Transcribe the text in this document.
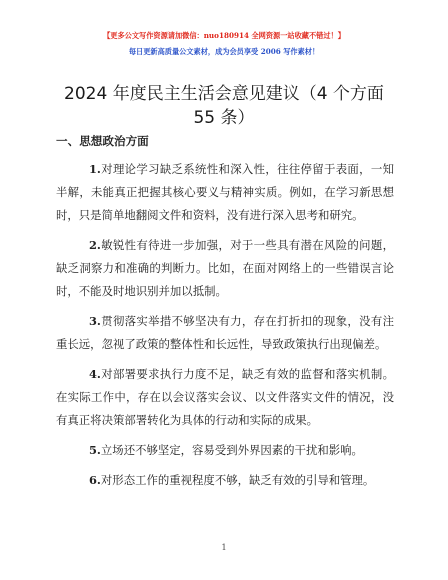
【更多公文写作资源请加微信：nuo180914 全网资源一站收藏不错过！】
每日更新高质量公文素材，成为会员享受 2006 写作素材！
2024 年度民主生活会意见建议（4 个方面 55 条）

一、思想政治方面

1.对理论学习缺乏系统性和深入性，往往停留于表面，一知半解，未能真正把握其核心要义与精神实质。例如，在学习新思想时，只是简单地翻阅文件和资料，没有进行深入思考和研究。

2.敏锐性有待进一步加强，对于一些具有潜在风险的问题，缺乏洞察力和准确的判断力。比如，在面对网络上的一些错误言论时，不能及时地识别并加以抵制。

3.贯彻落实举措不够坚决有力，存在打折扣的现象，没有注重长远，忽视了政策的整体性和长远性，导致政策执行出现偏差。

4.对部署要求执行力度不足，缺乏有效的监督和落实机制。在实际工作中，存在以会议落实会议、以文件落实文件的情况，没有真正将决策部署转化为具体的行动和实际的成果。

5.立场还不够坚定，容易受到外界因素的干扰和影响。

6.对形态工作的重视程度不够，缺乏有效的引导和管理。

1
